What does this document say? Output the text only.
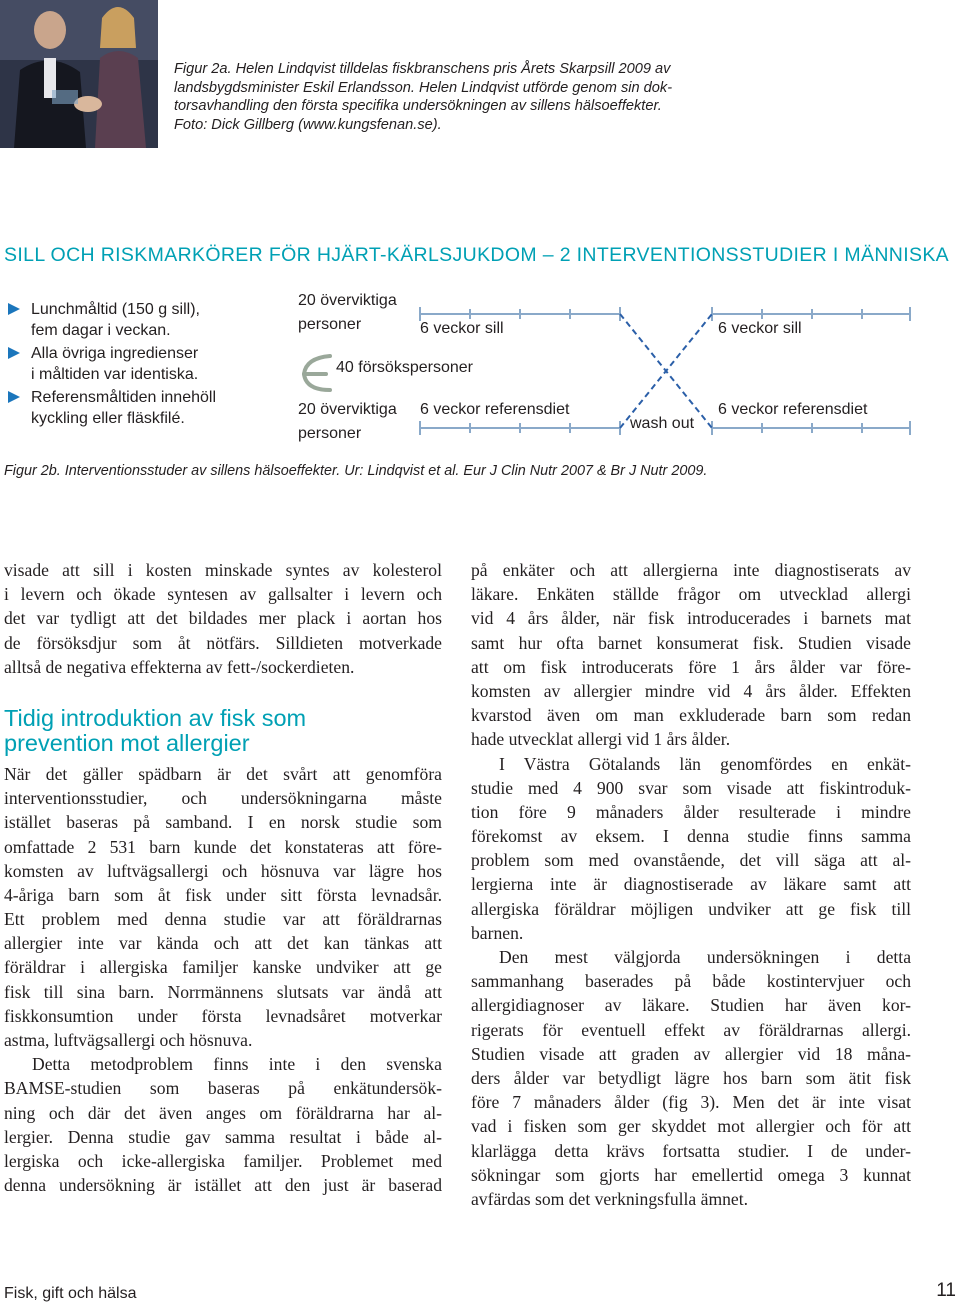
Figur 2a. Helen Lindqvist tilldelas fiskbranschens pris Årets Skarpsill 2009 av
landsbygdsminister Eskil Erlandsson. Helen Lindqvist utförde genom sin dok-
torsavhandling den första specifika undersökningen av sillens hälsoeffekter.
Foto: Dick Gillberg (www.kungsfenan.se).
SILL OCH RISKMARKÖRER FÖR HJÄRT-KÄRLSJUKDOM – 2 INTERVENTIONSSTUDIER I MÄNNISKA
Lunchmåltid (150 g sill),
fem dagar i veckan.
Alla övriga ingredienser
i måltiden var identiska.
Referensmåltiden innehöll
kyckling eller fläskfilé.
20 överviktiga
personer	6 veckor sill	6 veckor sill
40 försökspersoner
20 överviktiga
personer
6 veckor referensdiet	6 veckor referensdiet
wash out
Figur 2b. Interventionsstuder av sillens hälsoeffekter. Ur: Lindqvist et al. Eur J Clin Nutr 2007 & Br J Nutr 2009.
visade att sill i kosten minskade syntes av kolesterol
i levern och ökade syntesen av gallsalter i levern och
det var tydligt att det bildades mer plack i aortan hos
de försöksdjur som åt nötfärs. Silldieten motverkade
alltså de negativa effekterna av fett-/sockerdieten.
Tidig introduktion av fisk som
prevention mot allergier
När det gäller spädbarn är det svårt att genomföra
interventionsstudier, och undersökningarna måste
istället baseras på samband. I en norsk studie som
omfattade 2 531 barn kunde det konstateras att före-
komsten av luftvägsallergi och hösnuva var lägre hos
4-åriga barn som åt fisk under sitt första levnadsår.
Ett problem med denna studie var att föräldrarnas
allergier inte var kända och att det kan tänkas att
föräldrar i allergiska familjer kanske undviker att ge
fisk till sina barn. Norrmännens slutsats var ändå att
fiskkonsumtion under första levnadsåret motverkar
astma, luftvägsallergi och hösnuva.
Detta metodproblem finns inte i den svenska
BAMSE-studien som baseras på enkätundersök-
ning och där det även anges om föräldrarna har al-
lergier. Denna studie gav samma resultat i både al-
lergiska och icke-allergiska familjer. Problemet med
denna undersökning är istället att den just är baserad
på enkäter och att allergierna inte diagnostiserats av
läkare. Enkäten ställde frågor om utvecklad allergi
vid 4 års ålder, när fisk introducerades i barnets mat
samt hur ofta barnet konsumerat fisk. Studien visade
att om fisk introducerats före 1 års ålder var före-
komsten av allergier mindre vid 4 års ålder. Effekten
kvarstod även om man exkluderade barn som redan
hade utvecklat allergi vid 1 års ålder.
I Västra Götalands län genomfördes en enkät-
studie med 4 900 svar som visade att fiskintroduk-
tion före 9 månaders ålder resulterade i mindre
förekomst av eksem. I denna studie finns samma
problem som med ovanstående, det vill säga att al-
lergierna inte är diagnostiserade av läkare samt att
allergiska föräldrar möjligen undviker att ge fisk till
barnen.
Den mest välgjorda undersökningen i detta
sammanhang baserades på både kostintervjuer och
allergidiagnoser av läkare. Studien har även kor-
rigerats för eventuell effekt av föräldrarnas allergi.
Studien visade att graden av allergier vid 18 måna-
ders ålder var betydligt lägre hos barn som ätit fisk
före 7 månaders ålder (fig 3). Men det är inte visat
vad i fisken som ger skyddet mot allergier och för att
klarlägga detta krävs fortsatta studier. I de under-
sökningar som gjorts har emellertid omega 3 kunnat
avfärdas som det verkningsfulla ämnet.
Fisk, gift och hälsa	11
